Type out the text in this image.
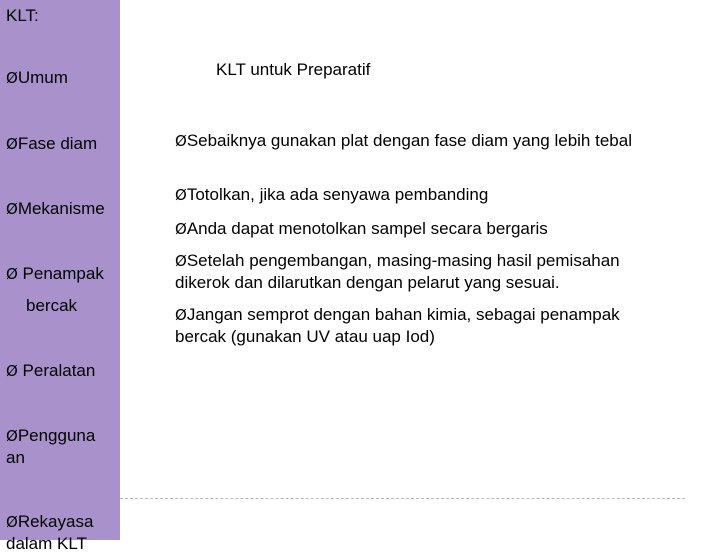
KLT:
ØUmum
ØFase diam
ØMekanisme
Ø Penampak
bercak
Ø Peralatan
ØPengguna
an
ØRekayasa
dalam KLT
KLT untuk Preparatif
ØSebaiknya gunakan plat dengan fase diam yang lebih tebal
ØTotolkan, jika ada senyawa pembanding
ØAnda dapat menotolkan sampel secara bergaris
ØSetelah pengembangan, masing-masing hasil pemisahan dikerok dan dilarutkan dengan pelarut yang sesuai.
ØJangan semprot dengan bahan kimia, sebagai penampak bercak (gunakan UV atau uap Iod)
